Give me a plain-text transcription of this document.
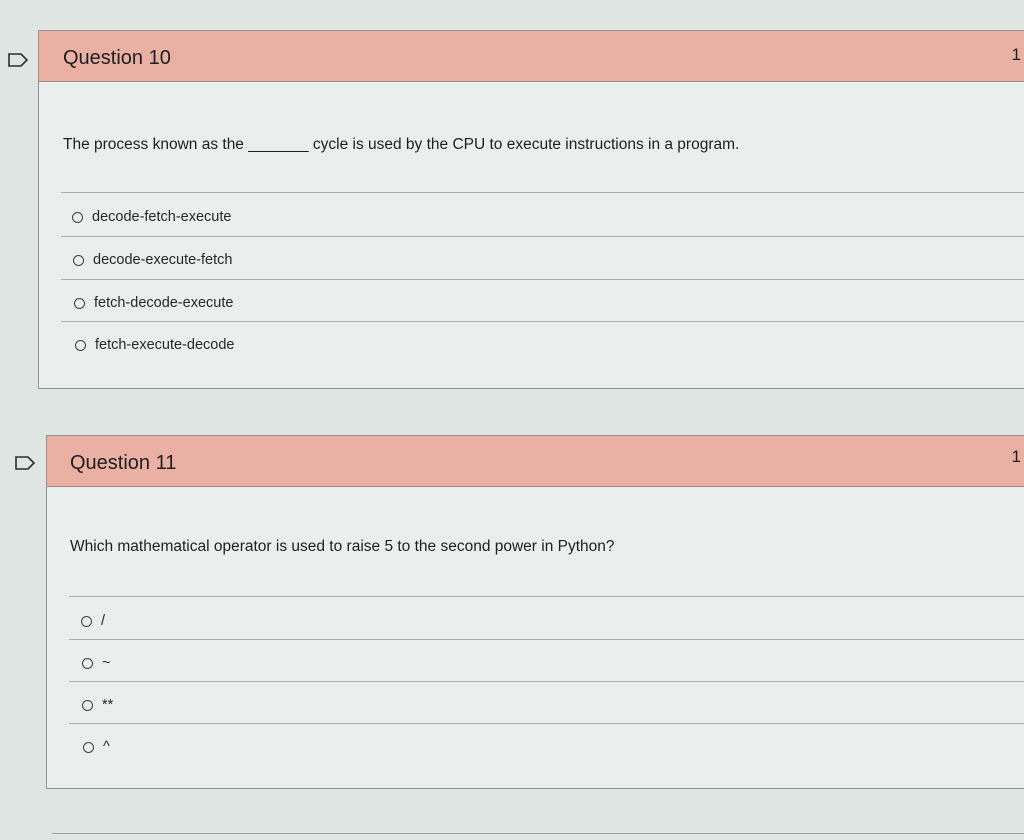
Question 10	1
The process known as the _______ cycle is used by the CPU to execute instructions in a program.
decode-fetch-execute
decode-execute-fetch
fetch-decode-execute
fetch-execute-decode
Question 11	1
Which mathematical operator is used to raise 5 to the second power in Python?
/
~
**
^
